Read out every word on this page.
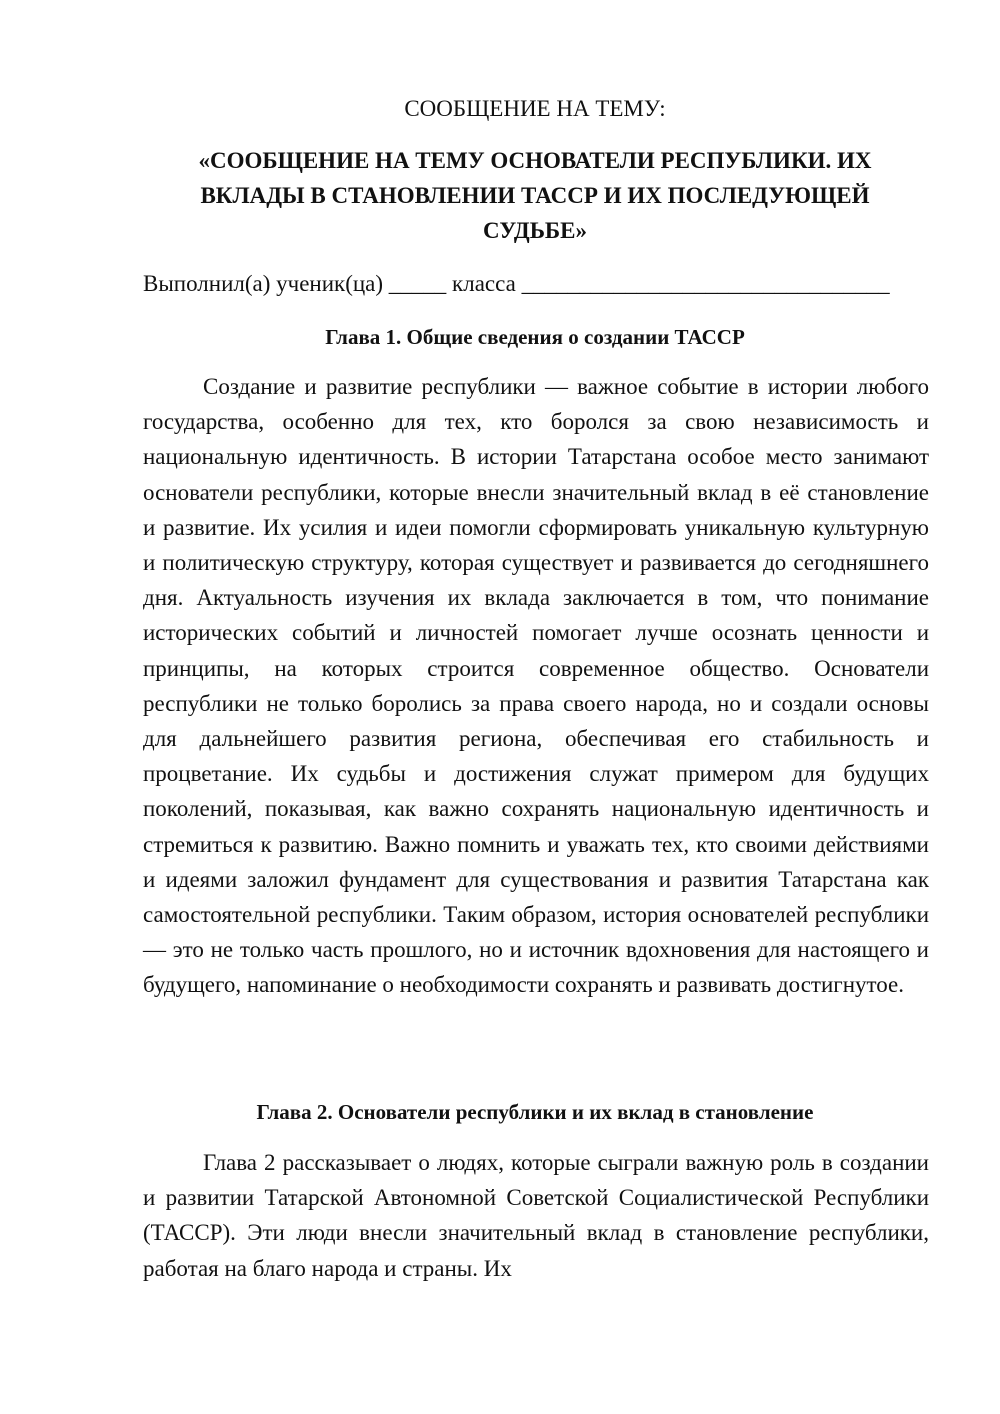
СООБЩЕНИЕ НА ТЕМУ:
«СООБЩЕНИЕ НА ТЕМУ ОСНОВАТЕЛИ РЕСПУБЛИКИ. ИХ ВКЛАДЫ В СТАНОВЛЕНИИ ТАССР И ИХ ПОСЛЕДУЮЩЕЙ СУДЬБЕ»
Выполнил(а) ученик(ца) _____ класса ________________________________
Глава 1. Общие сведения о создании ТАССР

Создание и развитие республики — важное событие в истории любого государства, особенно для тех, кто боролся за свою независимость и национальную идентичность. В истории Татарстана особое место занимают основатели республики, которые внесли значительный вклад в её становление и развитие. Их усилия и идеи помогли сформировать уникальную культурную и политическую структуру, которая существует и развивается до сегодняшнего дня. Актуальность изучения их вклада заключается в том, что понимание исторических событий и личностей помогает лучше осознать ценности и принципы, на которых строится современное общество. Основатели республики не только боролись за права своего народа, но и создали основы для дальнейшего развития региона, обеспечивая его стабильность и процветание. Их судьбы и достижения служат примером для будущих поколений, показывая, как важно сохранять национальную идентичность и стремиться к развитию. Важно помнить и уважать тех, кто своими действиями и идеями заложил фундамент для существования и развития Татарстана как самостоятельной республики. Таким образом, история основателей республики — это не только часть прошлого, но и источник вдохновения для настоящего и будущего, напоминание о необходимости сохранять и развивать достигнутое.

Глава 2. Основатели республики и их вклад в становление

Глава 2 рассказывает о людях, которые сыграли важную роль в создании и развитии Татарской Автономной Советской Социалистической Республики (ТАССР). Эти люди внесли значительный вклад в становление республики, работая на благо народа и страны. Их
